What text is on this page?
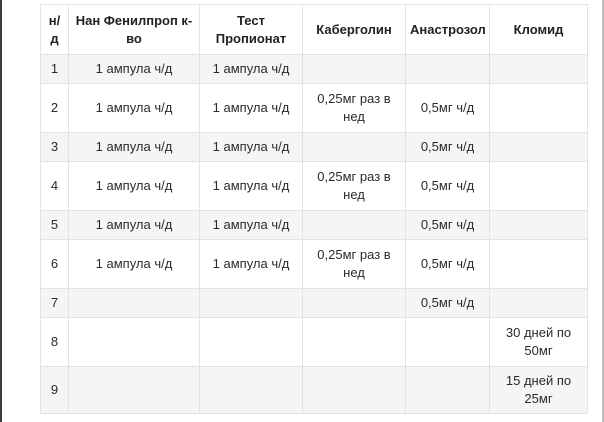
н/д	Нан Фенилпроп к-во	Тест Пропионат	Каберголин	Анастрозол	Кломид
1	1 ампула ч/д	1 ампула ч/д			
2	1 ампула ч/д	1 ампула ч/д	0,25мг раз в нед	0,5мг ч/д	
3	1 ампула ч/д	1 ампула ч/д		0,5мг ч/д	
4	1 ампула ч/д	1 ампула ч/д	0,25мг раз в нед	0,5мг ч/д	
5	1 ампула ч/д	1 ампула ч/д		0,5мг ч/д	
6	1 ампула ч/д	1 ампула ч/д	0,25мг раз в нед	0,5мг ч/д	
7				0,5мг ч/д	
8					30 дней по 50мг
9					15 дней по 25мг
